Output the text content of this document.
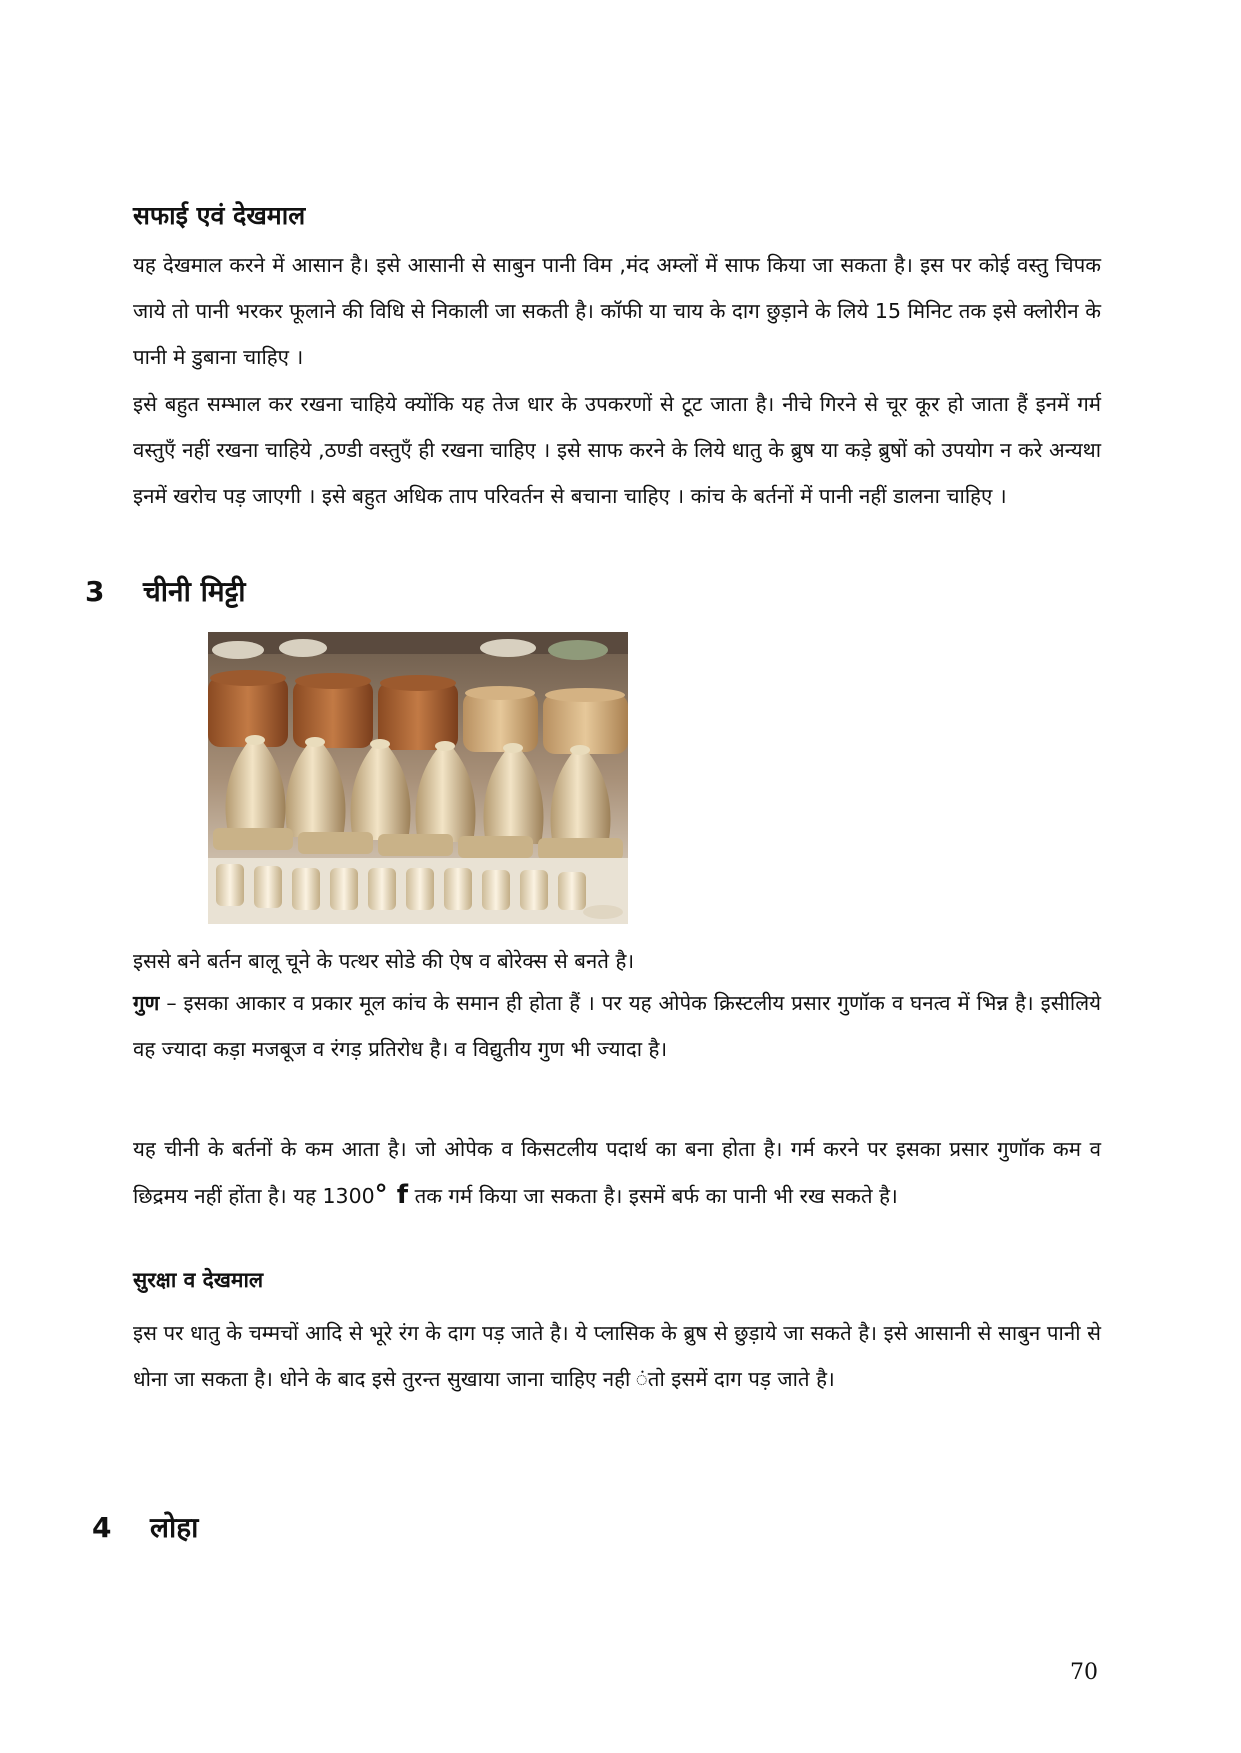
सफाई एवं देखमाल
यह देखमाल करने में आसान है। इसे आसानी से साबुन पानी विम ,मंद अम्लों में साफ किया जा सकता है। इस पर कोई वस्तु चिपक जाये तो पानी भरकर फूलाने की विधि से निकाली जा सकती है। कॉफी या चाय के दाग छुड़ाने के लिये 15 मिनिट तक इसे क्लोरीन के पानी मे डुबाना चाहिए ।
इसे बहुत सम्भाल कर रखना चाहिये क्योंकि यह तेज धार के उपकरणों से टूट जाता है। नीचे गिरने से चूर कूर हो जाता हैं इनमें गर्म वस्तुऍं नहीं रखना चाहिये ,ठण्डी वस्तुऍं ही रखना चाहिए । इसे साफ करने के लिये धातु के ब्रुष या कड़े ब्रुषों को उपयोग न करे अन्यथा इनमें खरोच पड़ जाएगी । इसे बहुत अधिक ताप परिवर्तन से बचाना चाहिए । कांच के बर्तनों में पानी नहीं डालना चाहिए ।
3 चीनी मिट्टी
इससे बने बर्तन बालू चूने के पत्थर सोडे की ऐष व बोरेक्स से बनते है।
गुण – इसका आकार व प्रकार मूल कांच के समान ही होता हैं । पर यह ओपेक क्रिस्टलीय प्रसार गुणॉक व घनत्व में भिन्न है। इसीलिये वह ज्यादा कड़ा मजबूज व रंगड़ प्रतिरोध है। व विद्युतीय गुण भी ज्यादा है।
यह चीनी के बर्तनों के कम आता है। जो ओपेक व किसटलीय पदार्थ का बना होता है। गर्म करने पर इसका प्रसार गुणॉक कम व छिद्रमय नहीं होंता है। यह 1300° f तक गर्म किया जा सकता है। इसमें बर्फ का पानी भी रख सकते है।
सुरक्षा व देखमाल
इस पर धातु के चम्मचों आदि से भूरे रंग के दाग पड़ जाते है। ये प्लासिक के ब्रुष से छुड़ाये जा सकते है। इसे आसानी से साबुन पानी से धोना जा सकता है। धोने के बाद इसे तुरन्त सुखाया जाना चाहिए नही ंतो इसमें दाग पड़ जाते है।
4 लोहा
70
